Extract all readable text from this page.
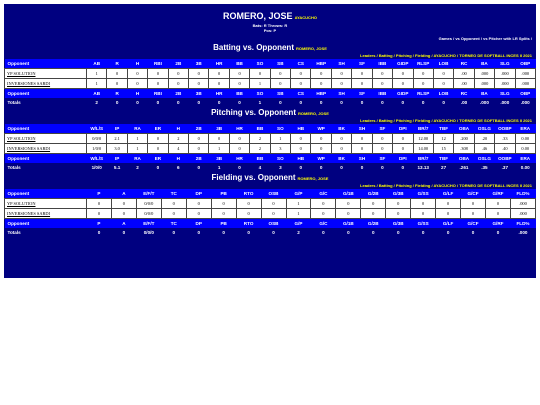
ROMERO, JOSE AYACUCHO
Bats: R Throws: R
Pos: P
Games / vs Opponent / vs Pitcher with LR Splits /
Batting vs. Opponent ROMERO, JOSE
Leaders / Batting / Pitching / Fielding / AYACUCHO / TORNEO DE SOFTBALL INCES II 2021
Opponent	AB	R	H	RBI	2B	3B	HR	BB	SO	SB	CS	HBP	SH	SF	IBB	GIDP	RLSP	LOB	RC	BA	SLG	OBP
YP SOLUTION	1	0	0	0	0	0	0	0	0	0	0	0	0	0	0	0	0	0	.00	.000	.000	.000
INVERSIONES SARDI	1	0	0	0	0	0	0	0	1	0	0	0	0	0	0	0	0	0	.00	.000	.000	.000
Opponent	AB	R	H	RBI	2B	3B	HR	BB	SO	SB	CS	HBP	SH	SF	IBB	GIDP	RLSP	LOB	RC	BA	SLG	OBP
Totals	2	0	0	0	0	0	0	0	1	0	0	0	0	0	0	0	0	0	.00	.000	.000	.000
Pitching vs. Opponent ROMERO, JOSE
Leaders / Batting / Pitching / Fielding / AYACUCHO / TORNEO DE SOFTBALL INCES II 2021
Opponent	W/L/S	IP	RA	ER	H	2B	3B	HR	BB	SO	HB	WP	BK	SH	SF	DPI	BR/7	TBF	OBA	OSLG	OOBP	ERA
YP SOLUTION	0/0/0	2.1	1	0	2	0	0	0	2	1	0	0	0	0	0	0	12.00	12	.200	.20	.33	0.00
INVERSIONES SARDI	1/0/0	3.0	1	0	4	0	1	0	2	3	0	0	0	0	0	0	14.00	15	.308	.46	.40	0.00
Opponent	W/L/S	IP	RA	ER	H	2B	3B	HR	BB	SO	HB	WP	BK	SH	SF	DPI	BR/7	TBF	OBA	OSLG	OOBP	ERA
Totals	1/0/0	5.1	2	0	6	0	1	0	4	3	0	0	0	0	0	0	13.13	27	.261	.35	.37	0.00
Fielding vs. Opponent ROMERO, JOSE
Leaders / Batting / Pitching / Fielding / AYACUCHO / TORNEO DE SOFTBALL INCES II 2021
Opponent	P	A	E/F/T	TC	DP	PB	RTO	OSB	G/P	G/C	G/1B	G/2B	G/3B	G/SS	G/LF	G/CF	G/RF	FLD%
YP SOLUTION	0	0	0/0/0	0	0	0	0	0	1	0	0	0	0	0	0	0	0	.000
INVERSIONES SARDI	0	0	0/0/0	0	0	0	0	0	1	0	0	0	0	0	0	0	0	.000
Opponent	P	A	E/F/T	TC	DP	PB	RTO	OSB	G/P	G/C	G/1B	G/2B	G/3B	G/SS	G/LF	G/CF	G/RF	FLD%
Totals	0	0	0/0/0	0	0	0	0	0	2	0	0	0	0	0	0	0	0	.000
